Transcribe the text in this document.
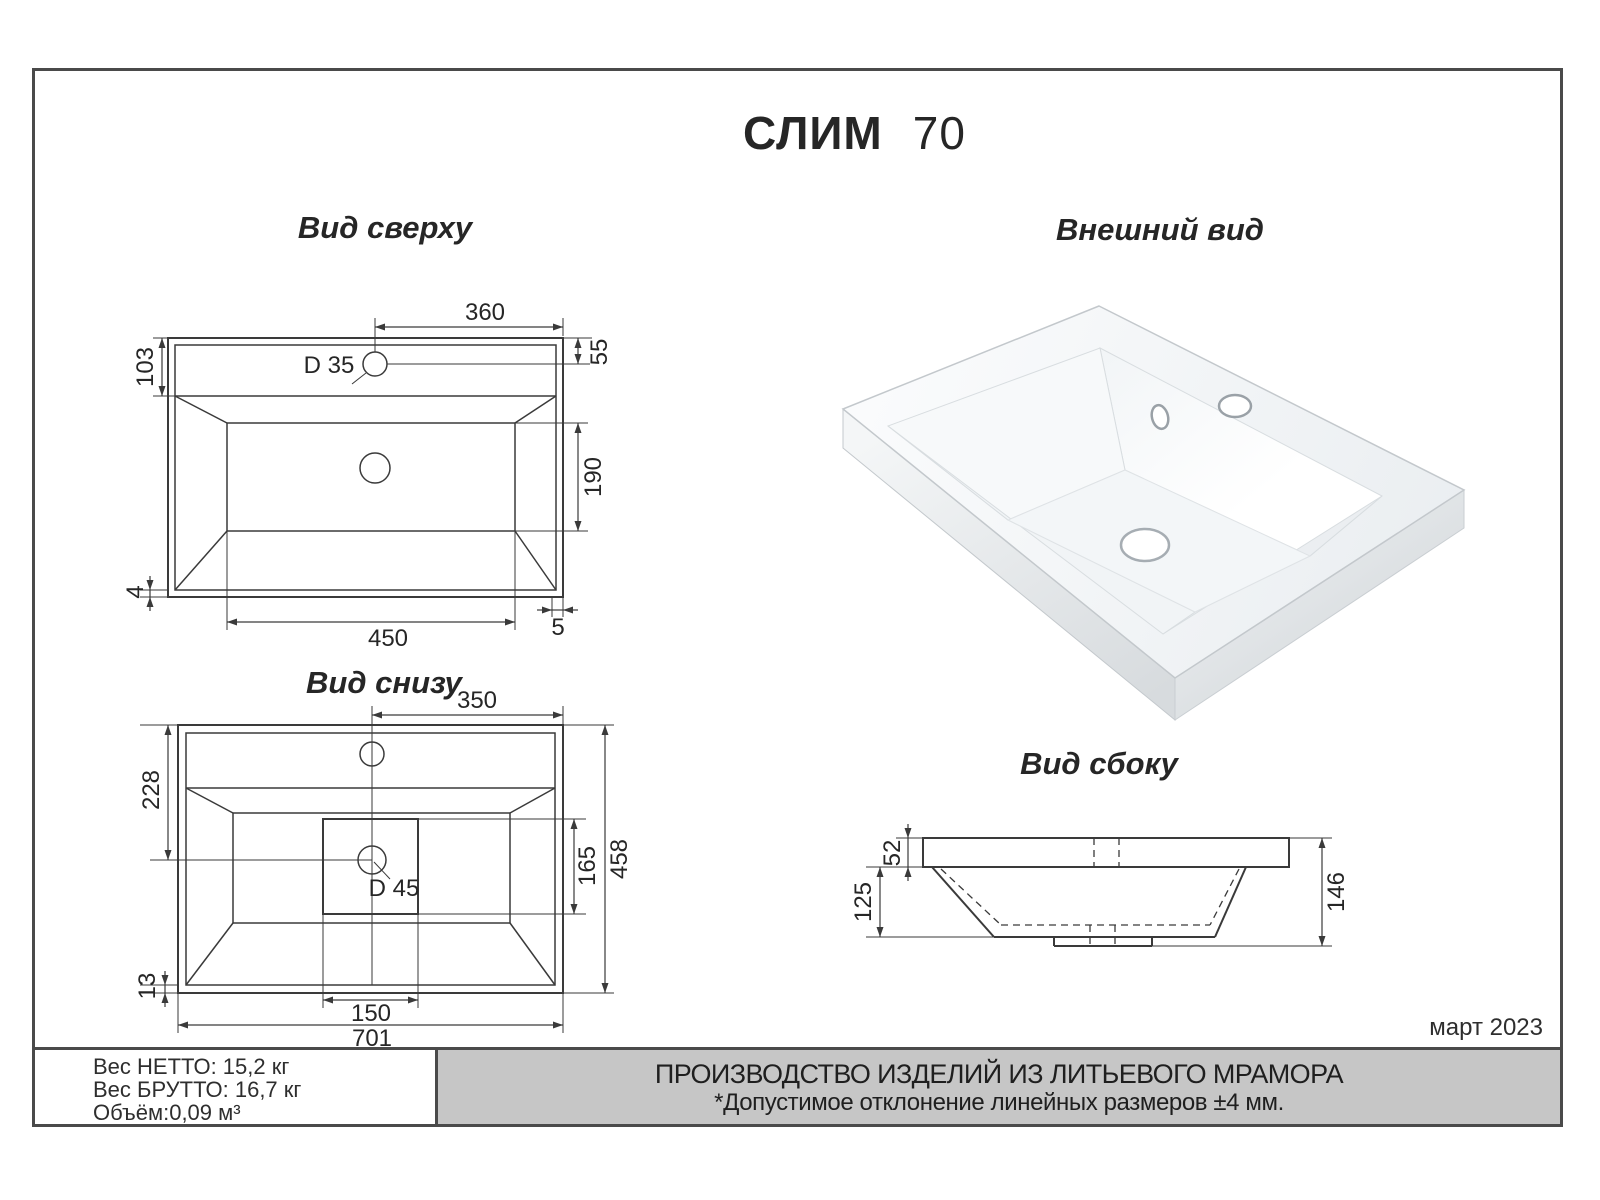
Вес НЕТТО: 15,2 кг
Вес БРУТТО: 16,7 кг
Объём:0,09 м³
ПРОИЗВОДСТВО ИЗДЕЛИЙ ИЗ ЛИТЬЕВОГО МРАМОРА
*Допустимое отклонение линейных размеров ±4 мм.
СЛИМ 70
Вид сверху	Внешний вид
Вид снизу
Вид сбоку
март 2023
360
55
103	D 35
190
4
450	5
350
228
458
165
D 45
13
150
701
52
125	146
